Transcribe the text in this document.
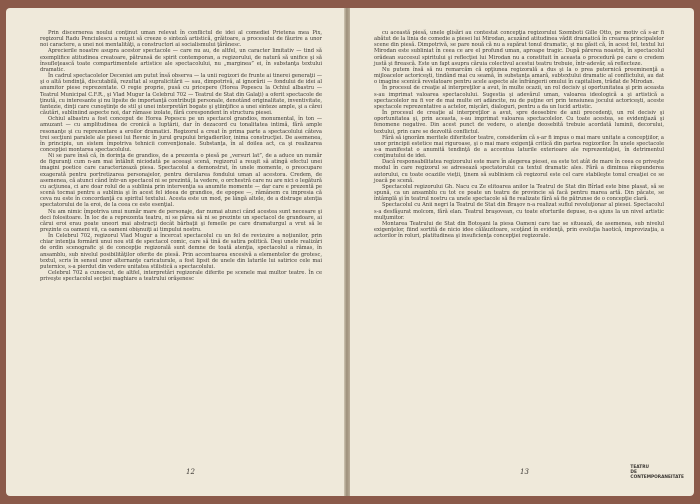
Prin discernerea noului conţinut uman relevat în conflictul de idei al comediei Prietena mea Pix, regizorul Radu Penciulescu a reuşit să creeze o sinteză artistică, grăitoare, a procesului de făurire a unor noi caractere, a unei noi mentalităţi, a constructori ai socialismului ţărănesc.

Aprecierile noastre asupra acestor spectacole — care nu au, de altfel, un caracter limitativ — tind să exemplifice atitudinea creatoare, pătrunsă de spirit contemporan, a regizorului, de natură să unifice şi să însufleţească toate compartimentele artistice ale spectacolului, nu „marginea” ei, în substanţa textului dramatic.

În cadrul spectacolelor Deceniei am putut însă observa — la unii regizori de frunte ai tinerei generaţii — şi o altă tendinţă, discutabilă, rezultat al supralicitării — sau, dimpotrivă, al ignorării — fondului de idei al anumitor piese reprezentate. O regie proprie, pusă cu pricepere (Horea Popescu la Ochiul albastru — Teatrul Municipal C.F.R., şi Vlad Mugur la Celebrul 702 — Teatrul de Stat din Galaţi) a oferit spectacole de ţinută, cu interesante şi nu lipsite de importanţă contribuţii personale, denotând originalitate, inventivitate, fantezie, dinţi care cunoştinţe de stil şi unei interpretări bogate şi ştiinţifice a unei sinteze ample, şi a cărei căutări, subliniind aspecte noi, dar rămase izolate, fără corespondent în structura piesei.

Ochiul albastru a fost conceput de Horea Popescu pe un spectacol grandios, monumental, în ton — amuzant — cu amplitudinea de cronică a luptării, dar în dezacord cu tonalitatea intimă, fără ample resonanţe şi cu reprezentare a eroilor dramatici. Regizorul a creat în prima parte a spectacolului câteva trei secţiuni paralele ale piesei lui Revnic în jurul grupului brigadierilor, inima construcţiei. De asemenea, în principiu, un sistem împotriva tehnicii convenţionale. Substanţa, în al doilea act, ca şi realizarea concepţiei montarea spectacolului.

Ni se pare însă că, în dorinţa de grandios, de a prezenta o piesă pe „versuri lat”, de a aduce un număr de figuranţi cum n-am mai întâlnit niciodată pe aceeaşi scenă, regizorul a reuşit să atingă efectul unei imagini poetice care caracterizează piesa. Spectacolul a demonstrat, în unele momente, o preocupare exagerată pentru portretizarea personajelor, pentru derularea fondului uman al acestora. Credem, de asemenea, că atunci când într-un spectacol ni se prezintă, la vedere, o orchestră care nu are nici o legătură cu acţiunea, ci are doar rolul de a sublinia prin intervenţia sa anumite momente — dar care e prezentă pe scenă tocmai pentru a sublinia şi în acest fel ideea de grandios, de epopee —, rămânem cu impresia că ceva nu este în concordanţă cu spiritul textului. Acesta este un mod, pe lângă altele, de a distrage atenţia spectatorului de la eroi, de la ceea ce este esenţial.

Nu am nimic împotriva unui număr mare de personaje, dar numai atunci când acestea sunt necesare şi deci folositoare. În loc de a reprezenta teatru, ni se părea să ni se prezinte un spectacol de grandoare, ai cărui eroi erau poate uneori mai abstracţi decât bărbaţii şi femeile pe care dramaturgul a vrut să le prezinte ca oameni vii, ca oameni obişnuiţi ai timpului nostru.

În Celebrul 702, regizorul Vlad Mugur a încercat spectacolul cu un fel de revizuire a noţiunilor, prin chiar intenţia formării unui nou stil de spectacol comic, care să tină de satira politică. Deşi unele realizări de ordin scenografic şi de concepţie regizorală sunt demne de toată atenţia, spectacolul a rămas, în ansamblu, sub nivelul posibilităţilor oferite de piesă. Prin accentuarea excesivă a elementelor de grotesc, textul, scris în sensul unor alternanţe caricaturale, a fost lipsit de unele din laturile lui satirice cele mai puternice, s-a pierdut din vedere unitatea stilistică a spectacolului.

Celebrul 702 a cunoscut, de altfel, interpretări regizorale diferite pe scenele mai multor teatre. În ce priveşte spectacolul secţiei maghiare a teatrului orăşenesc

12

cu această piesă, unele glisări au contestat concepţia regizorului Szemboti Gille Otto, pe motiv că s-ar fi abătut de la linia de comedie a piesei lui Mirodan, acuzând atitudinea vădit dramatică în crearea principalelor scene din piesă. Dimpotrivă, se pare nouă că nu a supărat tonul dramatic, şi nu găsit că, în acest fel, textul lui Mirodan este subliniat în ceea ce are el profund uman, aproape tragic. După părerea noastră, în spectacolul orădean succesul spiritului şi reflecţiei lui Mirodan nu a constituit în aceasta o procedură pe care o credem justă şi firească. Este un fapt asupra căruia colectivul acestui teatru trebuie, într-adevăr, să reflecteze.

Nu putem însă să nu remarcăm că opţiunea regizorală a dus şi la o prea puternică preeminenţă a mijloacelor actoriceşti, tindând mai cu seamă, în substanţa amară, subtextului dramatic al conflictului, au dat o imagine scenică revelatoare pentru acele aspecte ale înfrângerii omului în capitalism, trădat de Mirodan.

În procesul de creaţie al interpreţilor a avut, în multe ocazii, un rol decisiv şi oportunitatea şi prin aceasta s-au imprimat valoarea spectacolului. Sugestia şi adevărul uman, valoarea ideologică a şi artistică a spectacolelor nu fi vor de mai multe ori adâncite, nu de puţine ori prin tensiunea jocului actoriceşti, aceste spectacole reprezentative a actelor, mişcări, dialoguri, pentru a da un lucid artistic.

În procesul de creaţie al interpreţilor a avut, spre deosebire de anii precedenţi, un rol decisiv şi oportunitatea şi, prin aceasta, s-au imprimat valoarea spectacolelor. Cu toate acestea, se evidenţiază şi fenomene negative. Din acest punct de vedere, o atenţie deosebită trebuie acordată luminii, decorului, textului, prin care se dezvoltă conflictul.

Fără să ignorăm meritele diferitelor teatre, considerăm că s-ar fi impus o mai mare unitate a concepţiilor, a unor principii estetice mai riguroase, şi o mai mare exigenţă critică din partea regizorilor. În unele spectacole s-a manifestat o anumită tendinţă de a accentua laturile exterioare ale reprezentaţiei, în detrimentul conţinutului de idei.

Dacă responsabilitatea regizorului este mare în alegerea piesei, ea este tot atât de mare în ceea ce priveşte modul în care regizorul se adresează spectatorului ca textul dramatic ales. Fără a diminua răspunderea autorului, cu toate ocaziile vieţii, ţinem să subliniem că regizorul este cel care stabileşte tonul creaţiei ce se joacă pe scenă.

Spectacolul regizorului Gh. Nacu cu Ze elitoarea anilor la Teatrul de Stat din Bîrlad este bine plasat, să se spună, ca un ansamblu cu tot ce poate un teatru de provincie să facă pentru marea artă. Din păcate, se întâmplă şi în teatrul nostru ca unele spectacole să fie realizate fără să fie pătrunse de o concepţie clară.

Spectacolul cu Anii negri la Teatrul de Stat din Braşov n-a realizat suflul revoluţionar al piesei. Spectacolul s-a desfăşurat molcom, fără elan. Teatrul braşovean, cu toate eforturile depuse, n-a ajuns la un nivel artistic mulţumitor.

Montarea Teatrului de Stat din Botoşani la piesa Oameni care tac se situează, de asemenea, sub nivelul exigenţelor, fiind sortită de nicio idee călăuzitoare, scoţând în evidenţă, prin evoluţia haotică, improvizaţia, a actorilor în roluri, platitudinea şi insuficienţa concepţiei regizorale.

13
TEATRU
DE
CONTEMPORANEITATE
